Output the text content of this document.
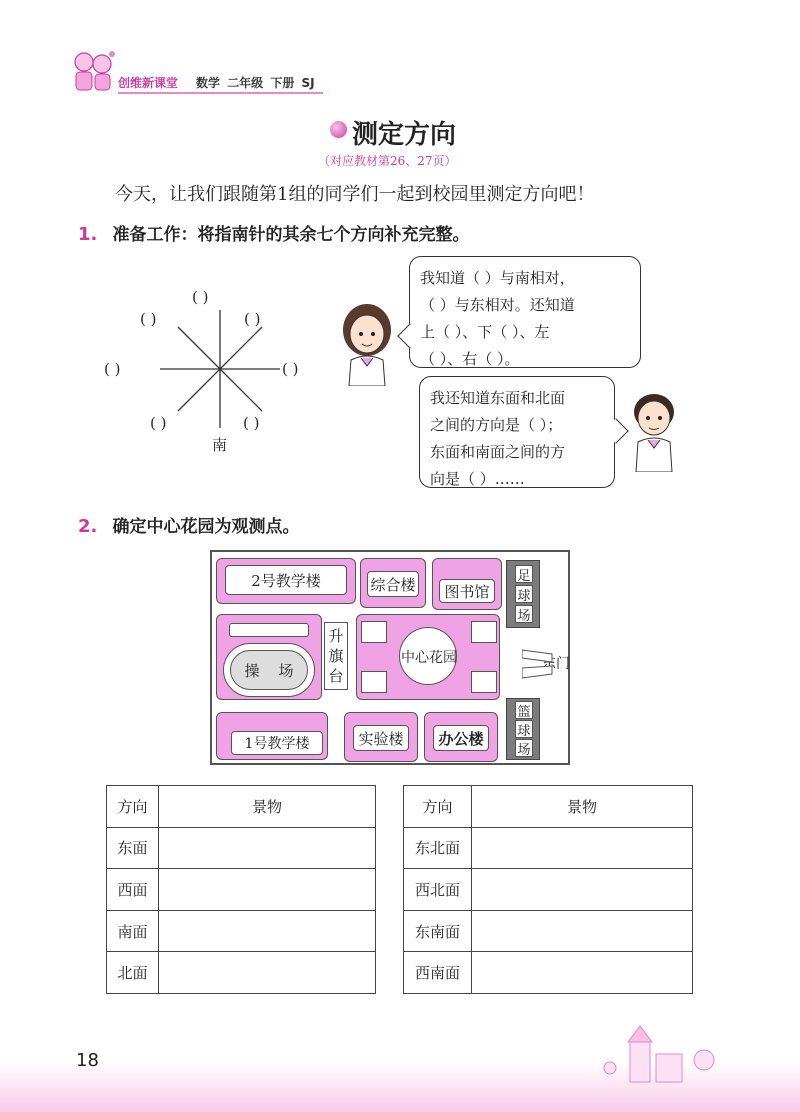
创维新课堂 数学 二年级 下册 SJ
测定方向
（对应教材第26、27页）
今天，让我们跟随第1组的同学们一起到校园里测定方向吧！
1. 准备工作：将指南针的其余七个方向补充完整。
( )
( )	( )
( )	( )
( )	( )
南
我知道（ ）与南相对，
（ ）与东相对。还知道
上（ ）、下（ ）、左
（ ）、右（ ）。
我还知道东面和北面
之间的方向是（ ）；
东面和南面之间的方
向是（ ）……
2. 确定中心花园为观测点。
2号教学楼	综合楼	图书馆
足
球
场
操 场
升
旗
台
中心花园	东门
篮
球
场
1号教学楼	实验楼	办公楼
方向	景物
东面	
西面	
南面	
北面	
方向	景物
东北面	
西北面	
东南面	
西南面	
18
